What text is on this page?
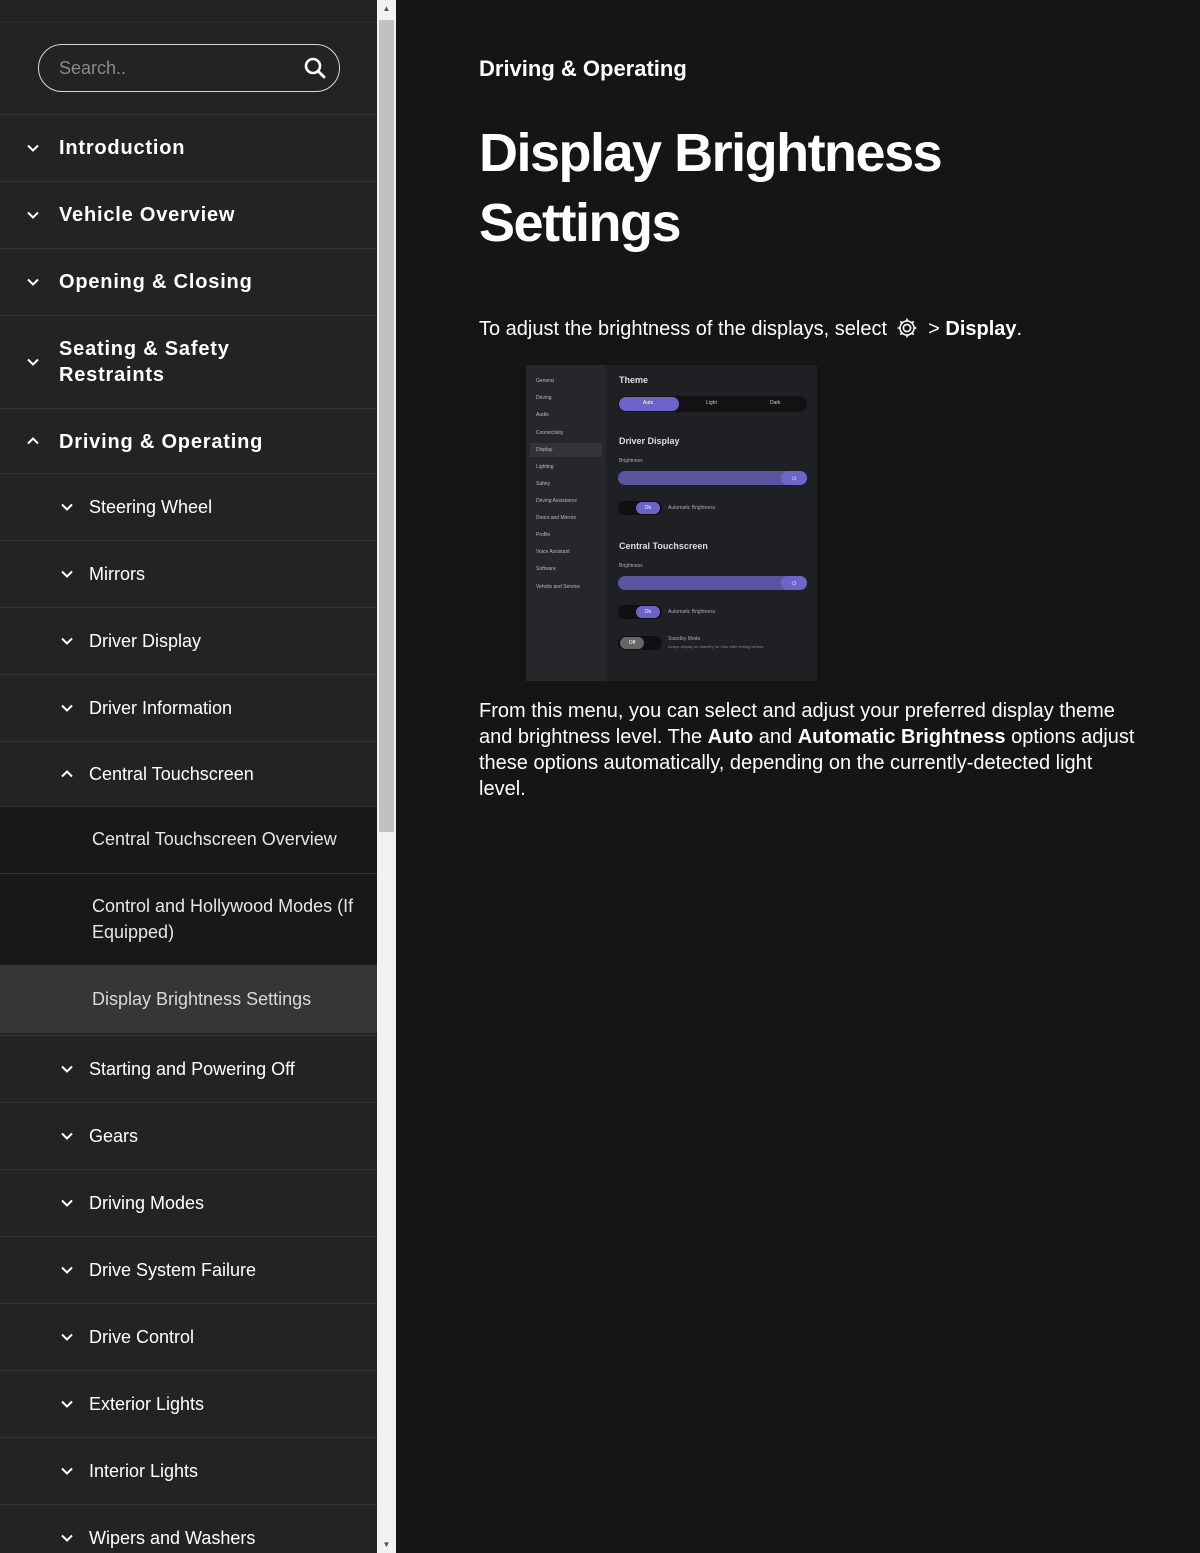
Search..
Introduction
Vehicle Overview
Opening & Closing
Seating & Safety Restraints
Driving & Operating
Steering Wheel
Mirrors
Driver Display
Driver Information
Central Touchscreen
Central Touchscreen Overview
Control and Hollywood Modes (If Equipped)
Display Brightness Settings
Starting and Powering Off
Gears
Driving Modes
Drive System Failure
Drive Control
Exterior Lights
Interior Lights
Wipers and Washers
▲
▼
Driving & Operating
Display Brightness Settings
To adjust the brightness of the displays, select  > Display.
General
Driving
Audio
Connectivity
Display
Lighting
Safety
Driving Assistance
Doors and Mirrors
Profile
Voice Assistant
Software
Vehicle and Service
Theme
Auto	Light	Dark
Driver Display
Brightness
☼
On	Automatic Brightness
Central Touchscreen
Brightness
☼
On	Automatic Brightness
Off
Standby Mode
Keeps display on standby for 2hrs after exiting vehicle

From this menu, you can select and adjust your preferred display theme and brightness level. The Auto and Automatic Brightness options adjust these options automatically, depending on the currently-detected light level.
